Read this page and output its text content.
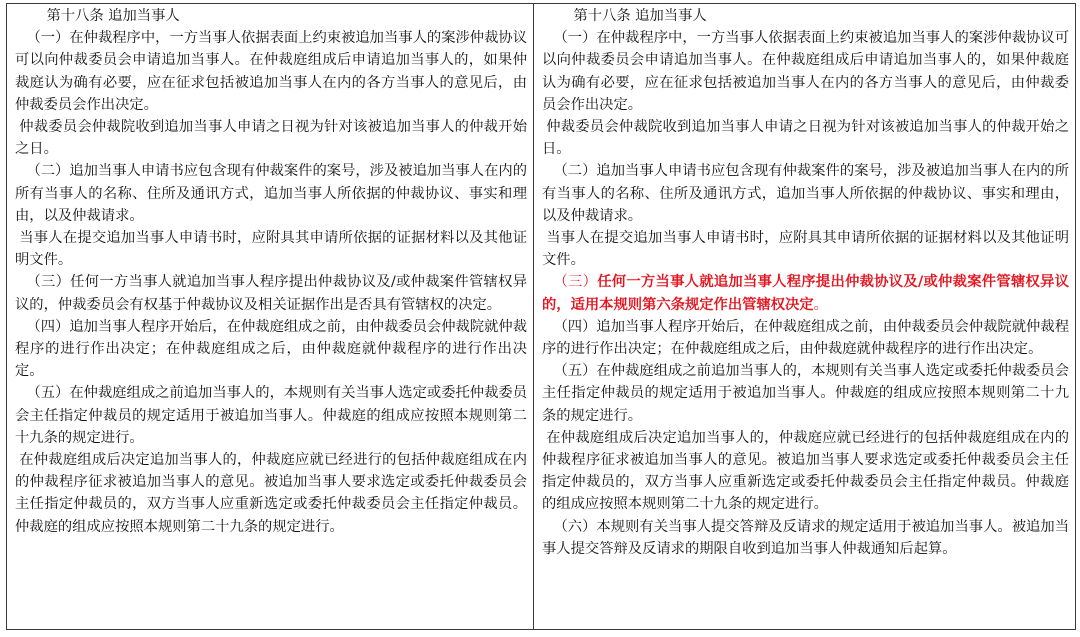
第十八条 追加当事人

（一）在仲裁程序中，一方当事人依据表面上约束被追加当事人的案涉仲裁协议可以向仲裁委员会申请追加当事人。在仲裁庭组成后申请追加当事人的，如果仲裁庭认为确有必要，应在征求包括被追加当事人在内的各方当事人的意见后，由仲裁委员会作出决定。

仲裁委员会仲裁院收到追加当事人申请之日视为针对该被追加当事人的仲裁开始之日。

（二）追加当事人申请书应包含现有仲裁案件的案号，涉及被追加当事人在内的所有当事人的名称、住所及通讯方式，追加当事人所依据的仲裁协议、事实和理由，以及仲裁请求。

当事人在提交追加当事人申请书时，应附具其申请所依据的证据材料以及其他证明文件。

（三）任何一方当事人就追加当事人程序提出仲裁协议及/或仲裁案件管辖权异议的，仲裁委员会有权基于仲裁协议及相关证据作出是否具有管辖权的决定。

（四）追加当事人程序开始后，在仲裁庭组成之前，由仲裁委员会仲裁院就仲裁程序的进行作出决定；在仲裁庭组成之后，由仲裁庭就仲裁程序的进行作出决定。

（五）在仲裁庭组成之前追加当事人的，本规则有关当事人选定或委托仲裁委员会主任指定仲裁员的规定适用于被追加当事人。仲裁庭的组成应按照本规则第二十九条的规定进行。

在仲裁庭组成后决定追加当事人的，仲裁庭应就已经进行的包括仲裁庭组成在内的仲裁程序征求被追加当事人的意见。被追加当事人要求选定或委托仲裁委员会主任指定仲裁员的，双方当事人应重新选定或委托仲裁委员会主任指定仲裁员。仲裁庭的组成应按照本规则第二十九条的规定进行。

第十八条 追加当事人

（一）在仲裁程序中，一方当事人依据表面上约束被追加当事人的案涉仲裁协议可以向仲裁委员会申请追加当事人。在仲裁庭组成后申请追加当事人的，如果仲裁庭认为确有必要，应在征求包括被追加当事人在内的各方当事人的意见后，由仲裁委员会作出决定。

仲裁委员会仲裁院收到追加当事人申请之日视为针对该被追加当事人的仲裁开始之日。

（二）追加当事人申请书应包含现有仲裁案件的案号，涉及被追加当事人在内的所有当事人的名称、住所及通讯方式，追加当事人所依据的仲裁协议、事实和理由，以及仲裁请求。

当事人在提交追加当事人申请书时，应附具其申请所依据的证据材料以及其他证明文件。

（三）任何一方当事人就追加当事人程序提出仲裁协议及/或仲裁案件管辖权异议的，适用本规则第六条规定作出管辖权决定。

（四）追加当事人程序开始后，在仲裁庭组成之前，由仲裁委员会仲裁院就仲裁程序的进行作出决定；在仲裁庭组成之后，由仲裁庭就仲裁程序的进行作出决定。

（五）在仲裁庭组成之前追加当事人的，本规则有关当事人选定或委托仲裁委员会主任指定仲裁员的规定适用于被追加当事人。仲裁庭的组成应按照本规则第二十九条的规定进行。

在仲裁庭组成后决定追加当事人的，仲裁庭应就已经进行的包括仲裁庭组成在内的仲裁程序征求被追加当事人的意见。被追加当事人要求选定或委托仲裁委员会主任指定仲裁员的，双方当事人应重新选定或委托仲裁委员会主任指定仲裁员。仲裁庭的组成应按照本规则第二十九条的规定进行。

（六）本规则有关当事人提交答辩及反请求的规定适用于被追加当事人。被追加当事人提交答辩及反请求的期限自收到追加当事人仲裁通知后起算。
